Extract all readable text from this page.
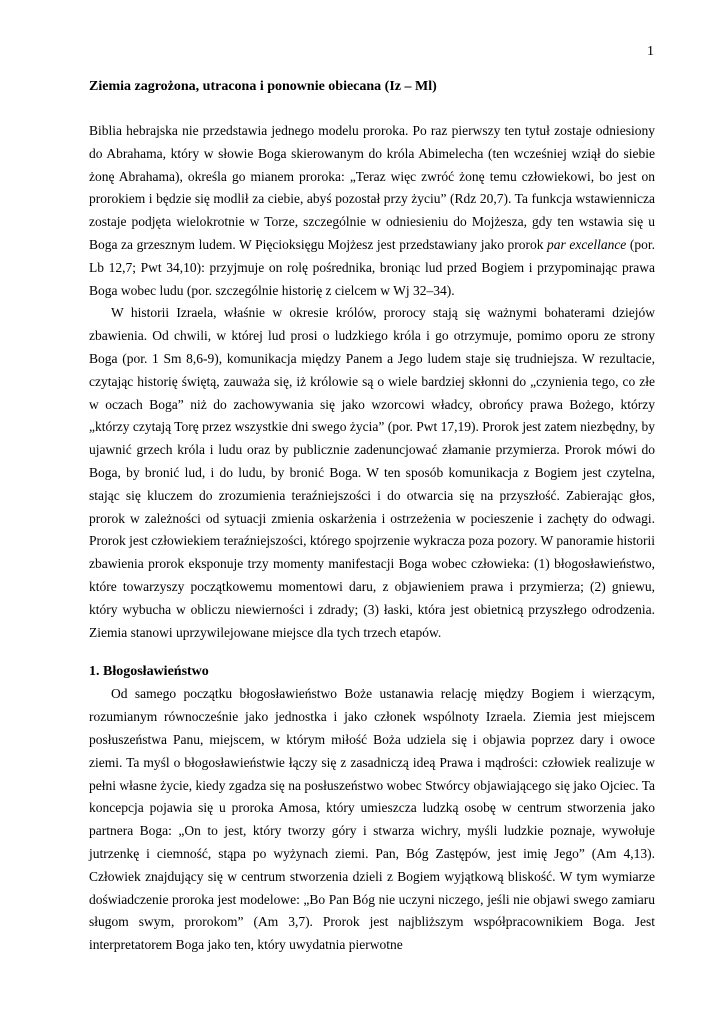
1
Ziemia zagrożona, utracona i ponownie obiecana (Iz – Ml)

Biblia hebrajska nie przedstawia jednego modelu proroka. Po raz pierwszy ten tytuł zostaje odniesiony do Abrahama, który w słowie Boga skierowanym do króla Abimelecha (ten wcześniej wziął do siebie żonę Abrahama), określa go mianem proroka: „Teraz więc zwróć żonę temu człowiekowi, bo jest on prorokiem i będzie się modlił za ciebie, abyś pozostał przy życiu” (Rdz 20,7). Ta funkcja wstawiennicza zostaje podjęta wielokrotnie w Torze, szczególnie w odniesieniu do Mojżesza, gdy ten wstawia się u Boga za grzesznym ludem. W Pięcioksięgu Mojżesz jest przedstawiany jako prorok par excellance (por. Lb 12,7; Pwt 34,10): przyjmuje on rolę pośrednika, broniąc lud przed Bogiem i przypominając prawa Boga wobec ludu (por. szczególnie historię z cielcem w Wj 32–34).

W historii Izraela, właśnie w okresie królów, prorocy stają się ważnymi bohaterami dziejów zbawienia. Od chwili, w której lud prosi o ludzkiego króla i go otrzymuje, pomimo oporu ze strony Boga (por. 1 Sm 8,6-9), komunikacja między Panem a Jego ludem staje się trudniejsza. W rezultacie, czytając historię świętą, zauważa się, iż królowie są o wiele bardziej skłonni do „czynienia tego, co złe w oczach Boga” niż do zachowywania się jako wzorcowi władcy, obrońcy prawa Bożego, którzy „którzy czytają Torę przez wszystkie dni swego życia” (por. Pwt 17,19). Prorok jest zatem niezbędny, by ujawnić grzech króla i ludu oraz by publicznie zadenuncjować złamanie przymierza. Prorok mówi do Boga, by bronić lud, i do ludu, by bronić Boga. W ten sposób komunikacja z Bogiem jest czytelna, stając się kluczem do zrozumienia teraźniejszości i do otwarcia się na przyszłość. Zabierając głos, prorok w zależności od sytuacji zmienia oskarżenia i ostrzeżenia w pocieszenie i zachęty do odwagi. Prorok jest człowiekiem teraźniejszości, którego spojrzenie wykracza poza pozory. W panoramie historii zbawienia prorok eksponuje trzy momenty manifestacji Boga wobec człowieka: (1) błogosławieństwo, które towarzyszy początkowemu momentowi daru, z objawieniem prawa i przymierza; (2) gniewu, który wybucha w obliczu niewierności i zdrady; (3) łaski, która jest obietnicą przyszłego odrodzenia. Ziemia stanowi uprzywilejowane miejsce dla tych trzech etapów.

1. Błogosławieństwo

Od samego początku błogosławieństwo Boże ustanawia relację między Bogiem i wierzącym, rozumianym równocześnie jako jednostka i jako członek wspólnoty Izraela. Ziemia jest miejscem posłuszeństwa Panu, miejscem, w którym miłość Boża udziela się i objawia poprzez dary i owoce ziemi. Ta myśl o błogosławieństwie łączy się z zasadniczą ideą Prawa i mądrości: człowiek realizuje w pełni własne życie, kiedy zgadza się na posłuszeństwo wobec Stwórcy objawiającego się jako Ojciec. Ta koncepcja pojawia się u proroka Amosa, który umieszcza ludzką osobę w centrum stworzenia jako partnera Boga: „On to jest, który tworzy góry i stwarza wichry, myśli ludzkie poznaje, wywołuje jutrzenkę i ciemność, stąpa po wyżynach ziemi. Pan, Bóg Zastępów, jest imię Jego” (Am 4,13). Człowiek znajdujący się w centrum stworzenia dzieli z Bogiem wyjątkową bliskość. W tym wymiarze doświadczenie proroka jest modelowe: „Bo Pan Bóg nie uczyni niczego, jeśli nie objawi swego zamiaru sługom swym, prorokom” (Am 3,7). Prorok jest najbliższym współpracownikiem Boga. Jest interpretatorem Boga jako ten, który uwydatnia pierwotne
